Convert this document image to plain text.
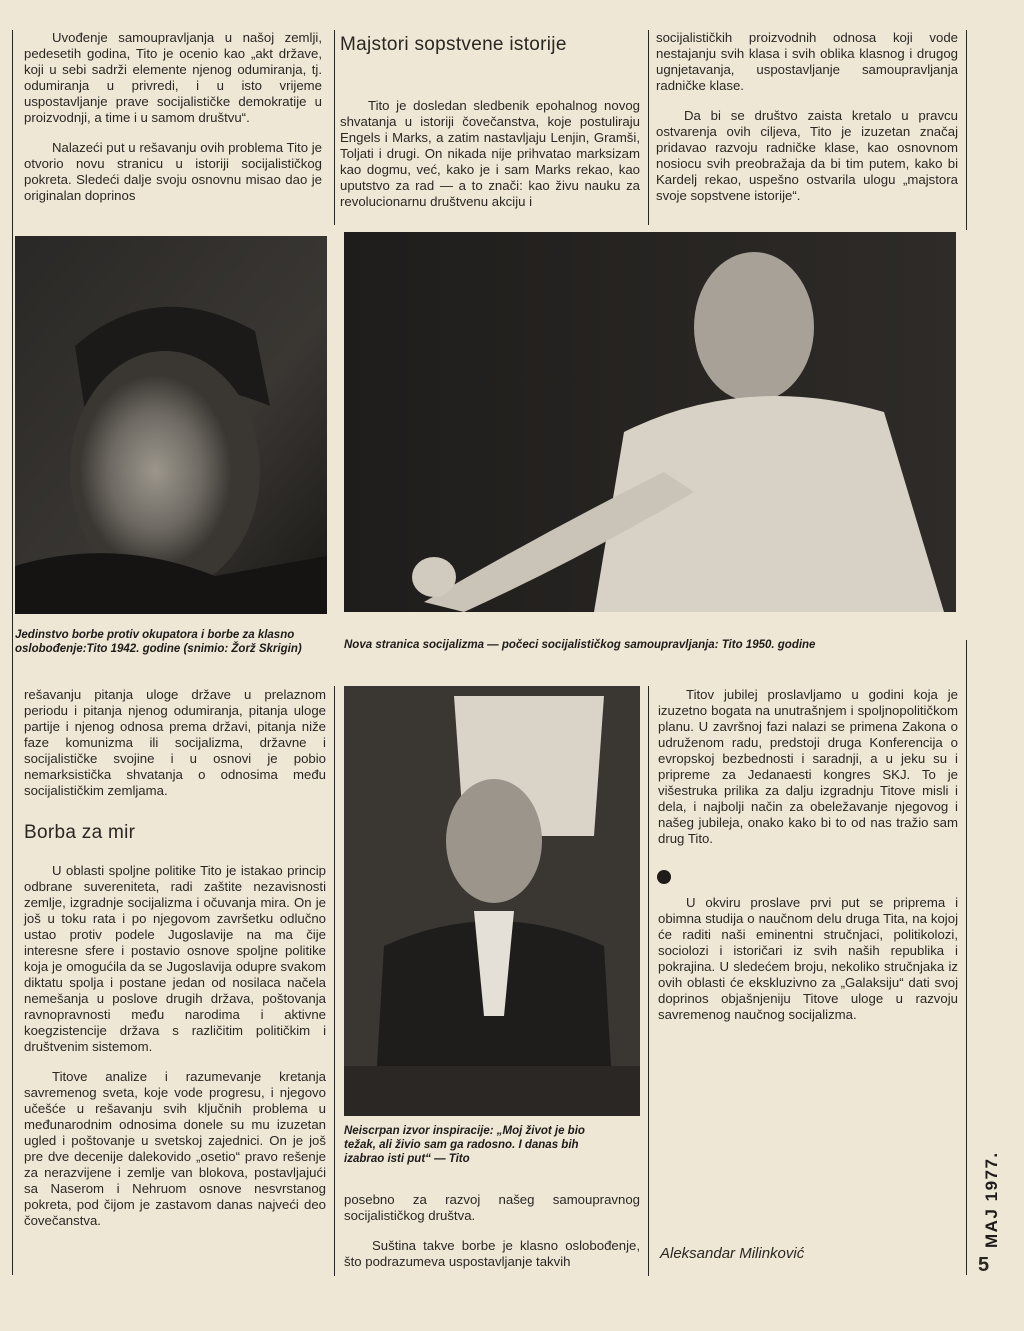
Uvođenje samoupravljanja u našoj zemlji, pedesetih godina, Tito je ocenio kao „akt države, koji u sebi sadrži elemente njenog odumiranja, tj. odumiranja u privredi, i u isto vrijeme uspostavljanje prave socijalističke demokratije u proizvodnji, a time i u samom društvu“.

Nalazeći put u rešavanju ovih problema Tito je otvorio novu stranicu u istoriji socijalističkog pokreta. Sledeći dalje svoju osnovnu misao dao je originalan doprinos

Majstori sopstvene istorije

Tito je dosledan sledbenik epohalnog novog shvatanja u istoriji čovečanstva, koje postuliraju Engels i Marks, a zatim nastavljaju Lenjin, Gramši, Toljati i drugi. On nikada nije prihvatao marksizam kao dogmu, već, kako je i sam Marks rekao, kao uputstvo za rad — a to znači: kao živu nauku za revolucionarnu društvenu akciju i

socijalističkih proizvodnih odnosa koji vode nestajanju svih klasa i svih oblika klasnog i drugog ugnjetavanja, uspostavljanje samoupravljanja radničke klase.

Da bi se društvo zaista kretalo u pravcu ostvarenja ovih ciljeva, Tito je izuzetan značaj pridavao razvoju radničke klase, kao osnovnom nosiocu svih preobražaja da bi tim putem, kako bi Kardelj rekao, uspešno ostvarila ulogu „majstora svoje sopstvene istorije“.

Jedinstvo borbe protiv okupatora i borbe za klasno oslobođenje:Tito 1942. godine (snimio: Žorž Skrigin)	Nova stranica socijalizma — počeci socijalističkog samoupravljanja: Tito 1950. godine

rešavanju pitanja uloge države u prelaznom periodu i pitanja njenog odumiranja, pitanja uloge partije i njenog odnosa prema državi, pitanja niže faze komunizma ili socijalizma, državne i socijalističke svojine i u osnovi je pobio nemarksistička shvatanja o odnosima među socijalističkim zemljama.

Borba za mir

U oblasti spoljne politike Tito je istakao princip odbrane suvereniteta, radi zaštite nezavisnosti zemlje, izgradnje socijalizma i očuvanja mira. On je još u toku rata i po njegovom završetku odlučno ustao protiv podele Jugoslavije na ma čije interesne sfere i postavio osnove spoljne politike koja je omogućila da se Jugoslavija odupre svakom diktatu spolja i postane jedan od nosilaca načela nemešanja u poslove drugih država, poštovanja ravnopravnosti među narodima i aktivne koegzistencije država s različitim političkim i društvenim sistemom.

Titove analize i razumevanje kretanja savremenog sveta, koje vode progresu, i njegovo učešće u rešavanju svih ključnih problema u međunarodnim odnosima donele su mu izuzetan ugled i poštovanje u svetskoj zajednici. On je još pre dve decenije dalekovido „osetio“ pravo rešenje za nerazvijene i zemlje van blokova, postavljajući sa Naserom i Nehruom osnove nesvrstanog pokreta, pod čijom je zastavom danas najveći deo čovečanstva.

Neiscrpan izvor inspiracije: „Moj život je bio težak, ali živio sam ga radosno. I danas bih izabrao isti put“ — Tito

posebno za razvoj našeg samoupravnog socijalističkog društva.

Suština takve borbe je klasno oslobođenje, što podrazumeva uspostavljanje takvih

Titov jubilej proslavljamo u godini koja je izuzetno bogata na unutrašnjem i spoljnopolitičkom planu. U završnoj fazi nalazi se primena Zakona o udruženom radu, predstoji druga Konferencija o evropskoj bezbednosti i saradnji, a u jeku su i pripreme za Jedanaesti kongres SKJ. To je višestruka prilika za dalju izgradnju Titove misli i dela, i najbolji način za obeležavanje njegovog i našeg jubileja, onako kako bi to od nas tražio sam drug Tito.

U okviru proslave prvi put se priprema i obimna studija o naučnom delu druga Tita, na kojoj će raditi naši eminentni stručnjaci, politikolozi, sociolozi i istoričari iz svih naših republika i pokrajina. U sledećem broju, nekoliko stručnjaka iz ovih oblasti će ekskluzivno za „Galaksiju“ dati svoj doprinos objašnjeniju Titove uloge u razvoju savremenog naučnog socijalizma.

Aleksandar Milinković

MAJ 1977.
5
